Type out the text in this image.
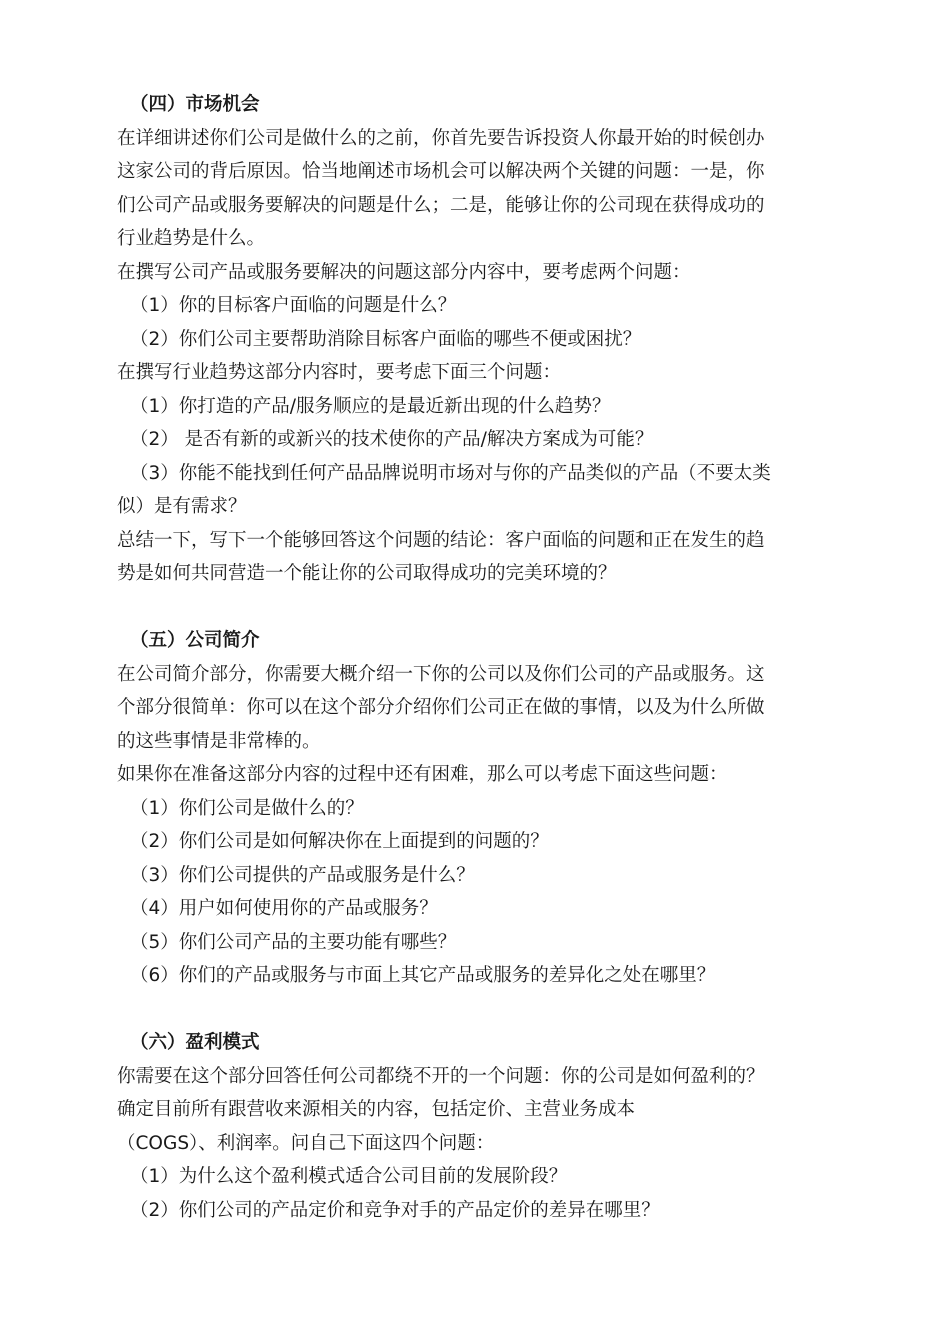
（四）市场机会
在详细讲述你们公司是做什么的之前，你首先要告诉投资人你最开始的时候创办
这家公司的背后原因。恰当地阐述市场机会可以解决两个关键的问题：一是，你
们公司产品或服务要解决的问题是什么；二是，能够让你的公司现在获得成功的
行业趋势是什么。
在撰写公司产品或服务要解决的问题这部分内容中，要考虑两个问题：
（1）你的目标客户面临的问题是什么？
（2）你们公司主要帮助消除目标客户面临的哪些不便或困扰？
在撰写行业趋势这部分内容时，要考虑下面三个问题：
（1）你打造的产品/服务顺应的是最近新出现的什么趋势？
（2） 是否有新的或新兴的技术使你的产品/解决方案成为可能？
（3）你能不能找到任何产品品牌说明市场对与你的产品类似的产品（不要太类
似）是有需求？
总结一下，写下一个能够回答这个问题的结论：客户面临的问题和正在发生的趋
势是如何共同营造一个能让你的公司取得成功的完美环境的？
（五）公司简介
在公司简介部分，你需要大概介绍一下你的公司以及你们公司的产品或服务。这
个部分很简单：你可以在这个部分介绍你们公司正在做的事情，以及为什么所做
的这些事情是非常棒的。
如果你在准备这部分内容的过程中还有困难，那么可以考虑下面这些问题：
（1）你们公司是做什么的？
（2）你们公司是如何解决你在上面提到的问题的？
（3）你们公司提供的产品或服务是什么？
（4）用户如何使用你的产品或服务？
（5）你们公司产品的主要功能有哪些？
（6）你们的产品或服务与市面上其它产品或服务的差异化之处在哪里？
（六）盈利模式
你需要在这个部分回答任何公司都绕不开的一个问题：你的公司是如何盈利的？
确定目前所有跟营收来源相关的内容，包括定价、主营业务成本
（COGS）、利润率。问自己下面这四个问题：
（1）为什么这个盈利模式适合公司目前的发展阶段？
（2）你们公司的产品定价和竞争对手的产品定价的差异在哪里？
